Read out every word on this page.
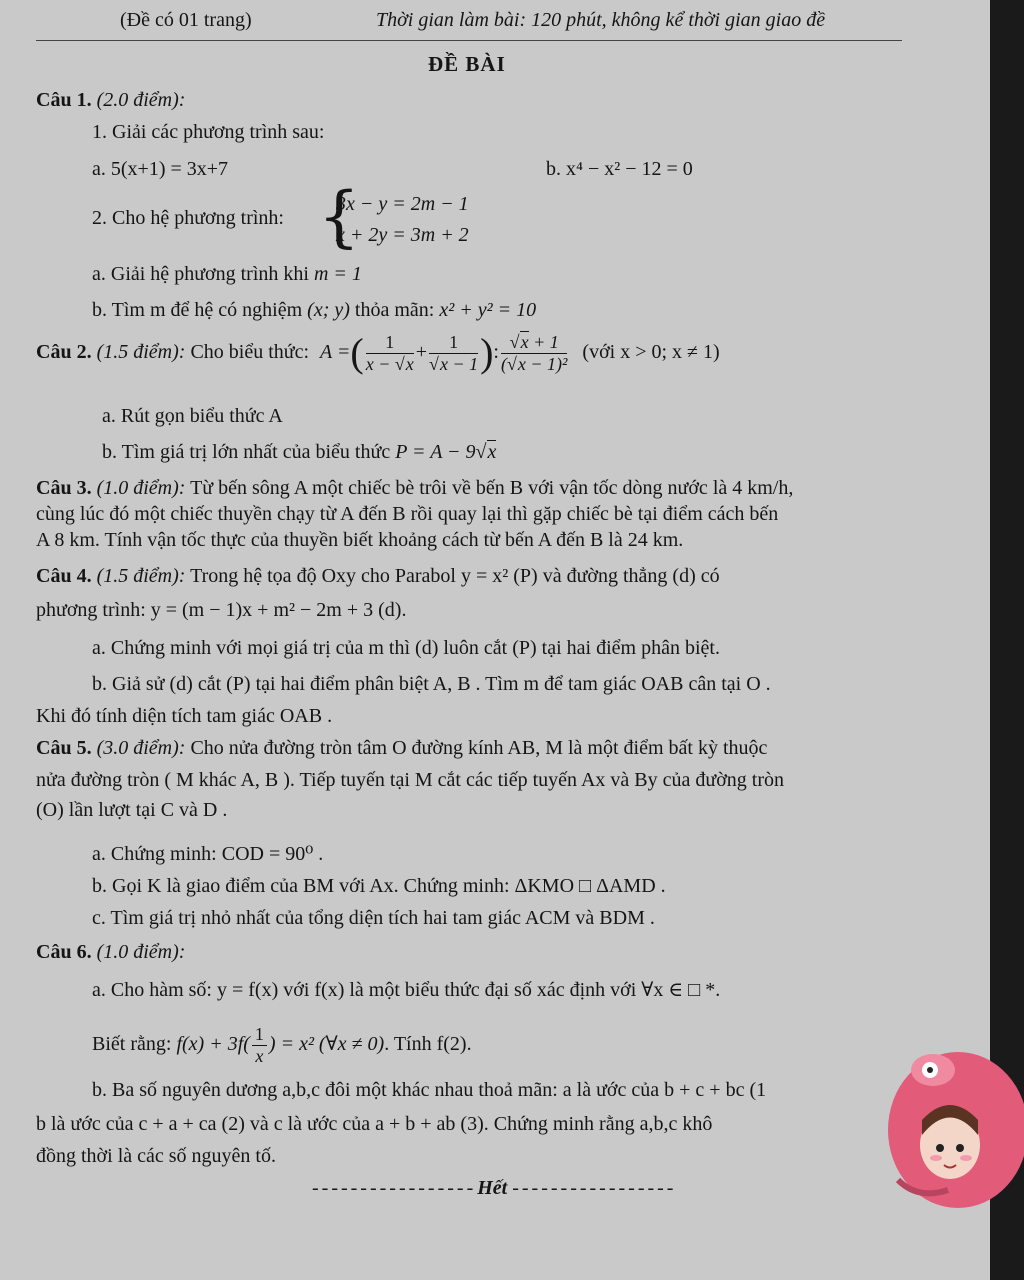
(Đề có 01 trang)	Thời gian làm bài: 120 phút, không kể thời gian giao đề
ĐỀ BÀI
Câu 1. (2.0 điểm):
1. Giải các phương trình sau:
a. 5(x+1) = 3x+7	b. x⁴ − x² − 12 = 0
2. Cho hệ phương trình: {
3x − y = 2m − 1
x + 2y = 3m + 2
a. Giải hệ phương trình khi m = 1
b. Tìm m để hệ có nghiệm (x; y) thỏa mãn: x² + y² = 10
Câu 2. (1.5 điểm): Cho biểu thức: A =( $\frac{1}{x - √x} + \frac{1}{√x - 1}$ ): $\frac{√x + 1}{\text{(√x − 1)²}}$ (với x > 0; x ≠ 1)
a. Rút gọn biểu thức A
b. Tìm giá trị lớn nhất của biểu thức P = A − 9√x
Câu 3. (1.0 điểm): Từ bến sông A một chiếc bè trôi về bến B với vận tốc dòng nước là 4 km/h,
cùng lúc đó một chiếc thuyền chạy từ A đến B rồi quay lại thì gặp chiếc bè tại điểm cách bến
A 8 km. Tính vận tốc thực của thuyền biết khoảng cách từ bến A đến B là 24 km.
Câu 4. (1.5 điểm): Trong hệ tọa độ Oxy cho Parabol y = x² (P) và đường thẳng (d) có
phương trình: y = (m − 1)x + m² − 2m + 3 (d).
a. Chứng minh với mọi giá trị của m thì (d) luôn cắt (P) tại hai điểm phân biệt.
b. Giả sử (d) cắt (P) tại hai điểm phân biệt A, B . Tìm m để tam giác OAB cân tại O .
Khi đó tính diện tích tam giác OAB .
Câu 5. (3.0 điểm): Cho nửa đường tròn tâm O đường kính AB, M là một điểm bất kỳ thuộc
nửa đường tròn ( M khác A, B ). Tiếp tuyến tại M cắt các tiếp tuyến Ax và By của đường tròn
(O) lần lượt tại C và D .
a. Chứng minh: COD = 90⁰ .
b. Gọi K là giao điểm của BM với Ax. Chứng minh: ΔKMO □ ΔAMD .
c. Tìm giá trị nhỏ nhất của tổng diện tích hai tam giác ACM và BDM .
Câu 6. (1.0 điểm):
a. Cho hàm số: y = f(x) với f(x) là một biểu thức đại số xác định với ∀x ∈ □ *.
Biết rằng: $f(x) + 3f( \frac{1}{x}$ ) = x² (∀x ≠ 0). Tính f(2).
b. Ba số nguyên dương a,b,c đôi một khác nhau thoả mãn: a là ước của b + c + bc (1
b là ước của c + a + ca (2) và c là ước của a + b + ab (3). Chứng minh rằng a,b,c khô
đồng thời là các số nguyên tố.
- - - - - - - - - - - - - - - - - Hết - - - - - - - - - - - - - - - - -
